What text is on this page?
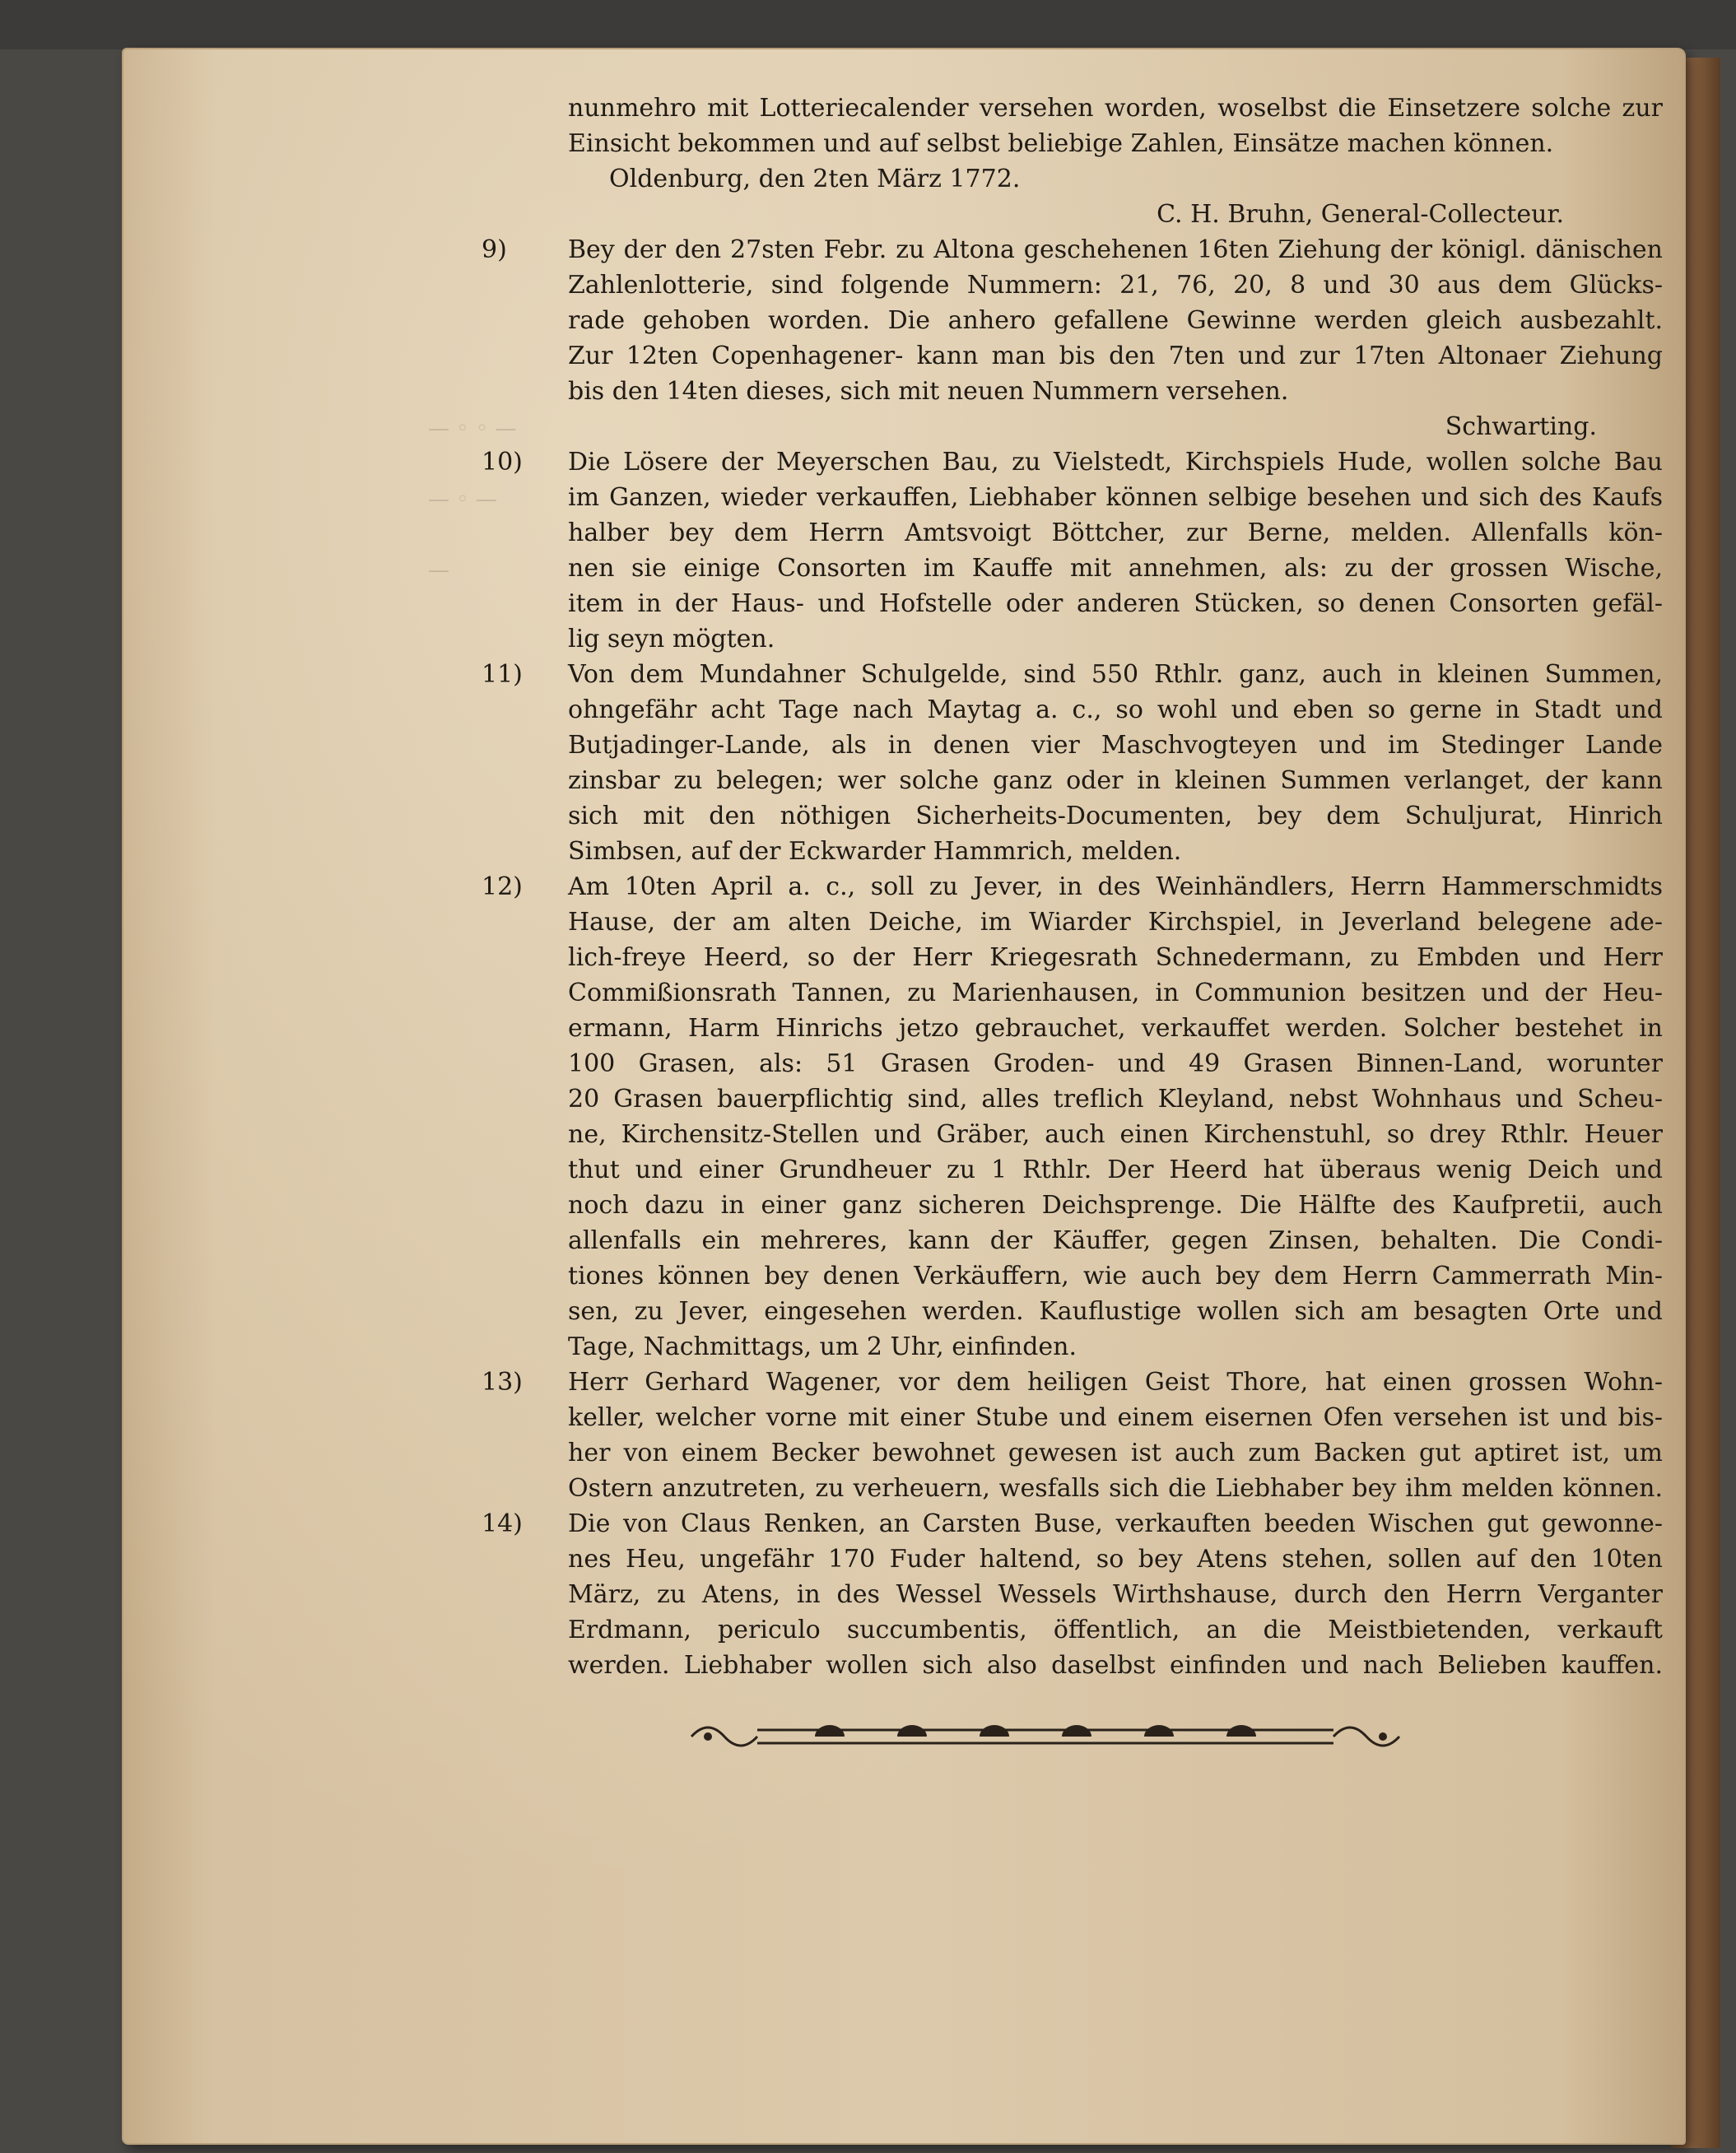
— ◦ ◦ —

— ◦ —

—
nunmehro mit Lotteriecalender versehen worden, woselbst die Einsetzere solche zur
Einsicht bekommen und auf selbst beliebige Zahlen, Einsätze machen können.
Oldenburg, den 2ten März 1772.
C. H. Bruhn, General-Collecteur.
9) Bey der den 27sten Febr. zu Altona geschehenen 16ten Ziehung der königl. dänischen
Zahlenlotterie, sind folgende Nummern: 21, 76, 20, 8 und 30 aus dem Glücks-
rade gehoben worden. Die anhero gefallene Gewinne werden gleich ausbezahlt.
Zur 12ten Copenhagener- kann man bis den 7ten und zur 17ten Altonaer Ziehung
bis den 14ten dieses, sich mit neuen Nummern versehen.
Schwarting.
10) Die Lösere der Meyerschen Bau, zu Vielstedt, Kirchspiels Hude, wollen solche Bau
im Ganzen, wieder verkauffen, Liebhaber können selbige besehen und sich des Kaufs
halber bey dem Herrn Amtsvoigt Böttcher, zur Berne, melden. Allenfalls kön-
nen sie einige Consorten im Kauffe mit annehmen, als: zu der grossen Wische,
item in der Haus- und Hofstelle oder anderen Stücken, so denen Consorten gefäl-
lig seyn mögten.
11) Von dem Mundahner Schulgelde, sind 550 Rthlr. ganz, auch in kleinen Summen,
ohngefähr acht Tage nach Maytag a. c., so wohl und eben so gerne in Stadt und
Butjadinger-Lande, als in denen vier Maschvogteyen und im Stedinger Lande
zinsbar zu belegen; wer solche ganz oder in kleinen Summen verlanget, der kann
sich mit den nöthigen Sicherheits-Documenten, bey dem Schuljurat, Hinrich
Simbsen, auf der Eckwarder Hammrich, melden.
12) Am 10ten April a. c., soll zu Jever, in des Weinhändlers, Herrn Hammerschmidts
Hause, der am alten Deiche, im Wiarder Kirchspiel, in Jeverland belegene ade-
lich-freye Heerd, so der Herr Kriegesrath Schnedermann, zu Embden und Herr
Commißionsrath Tannen, zu Marienhausen, in Communion besitzen und der Heu-
ermann, Harm Hinrichs jetzo gebrauchet, verkauffet werden. Solcher bestehet in
100 Grasen, als: 51 Grasen Groden- und 49 Grasen Binnen-Land, worunter
20 Grasen bauerpflichtig sind, alles treflich Kleyland, nebst Wohnhaus und Scheu-
ne, Kirchensitz-Stellen und Gräber, auch einen Kirchenstuhl, so drey Rthlr. Heuer
thut und einer Grundheuer zu 1 Rthlr. Der Heerd hat überaus wenig Deich und
noch dazu in einer ganz sicheren Deichsprenge. Die Hälfte des Kaufpretii, auch
allenfalls ein mehreres, kann der Käuffer, gegen Zinsen, behalten. Die Condi-
tiones können bey denen Verkäuffern, wie auch bey dem Herrn Cammerrath Min-
sen, zu Jever, eingesehen werden. Kauflustige wollen sich am besagten Orte und
Tage, Nachmittags, um 2 Uhr, einfinden.
13) Herr Gerhard Wagener, vor dem heiligen Geist Thore, hat einen grossen Wohn-
keller, welcher vorne mit einer Stube und einem eisernen Ofen versehen ist und bis-
her von einem Becker bewohnet gewesen ist auch zum Backen gut aptiret ist, um
Ostern anzutreten, zu verheuern, wesfalls sich die Liebhaber bey ihm melden können.
14) Die von Claus Renken, an Carsten Buse, verkauften beeden Wischen gut gewonne-
nes Heu, ungefähr 170 Fuder haltend, so bey Atens stehen, sollen auf den 10ten
März, zu Atens, in des Wessel Wessels Wirthshause, durch den Herrn Verganter
Erdmann, periculo succumbentis, öffentlich, an die Meistbietenden, verkauft
werden. Liebhaber wollen sich also daselbst einfinden und nach Belieben kauffen.
